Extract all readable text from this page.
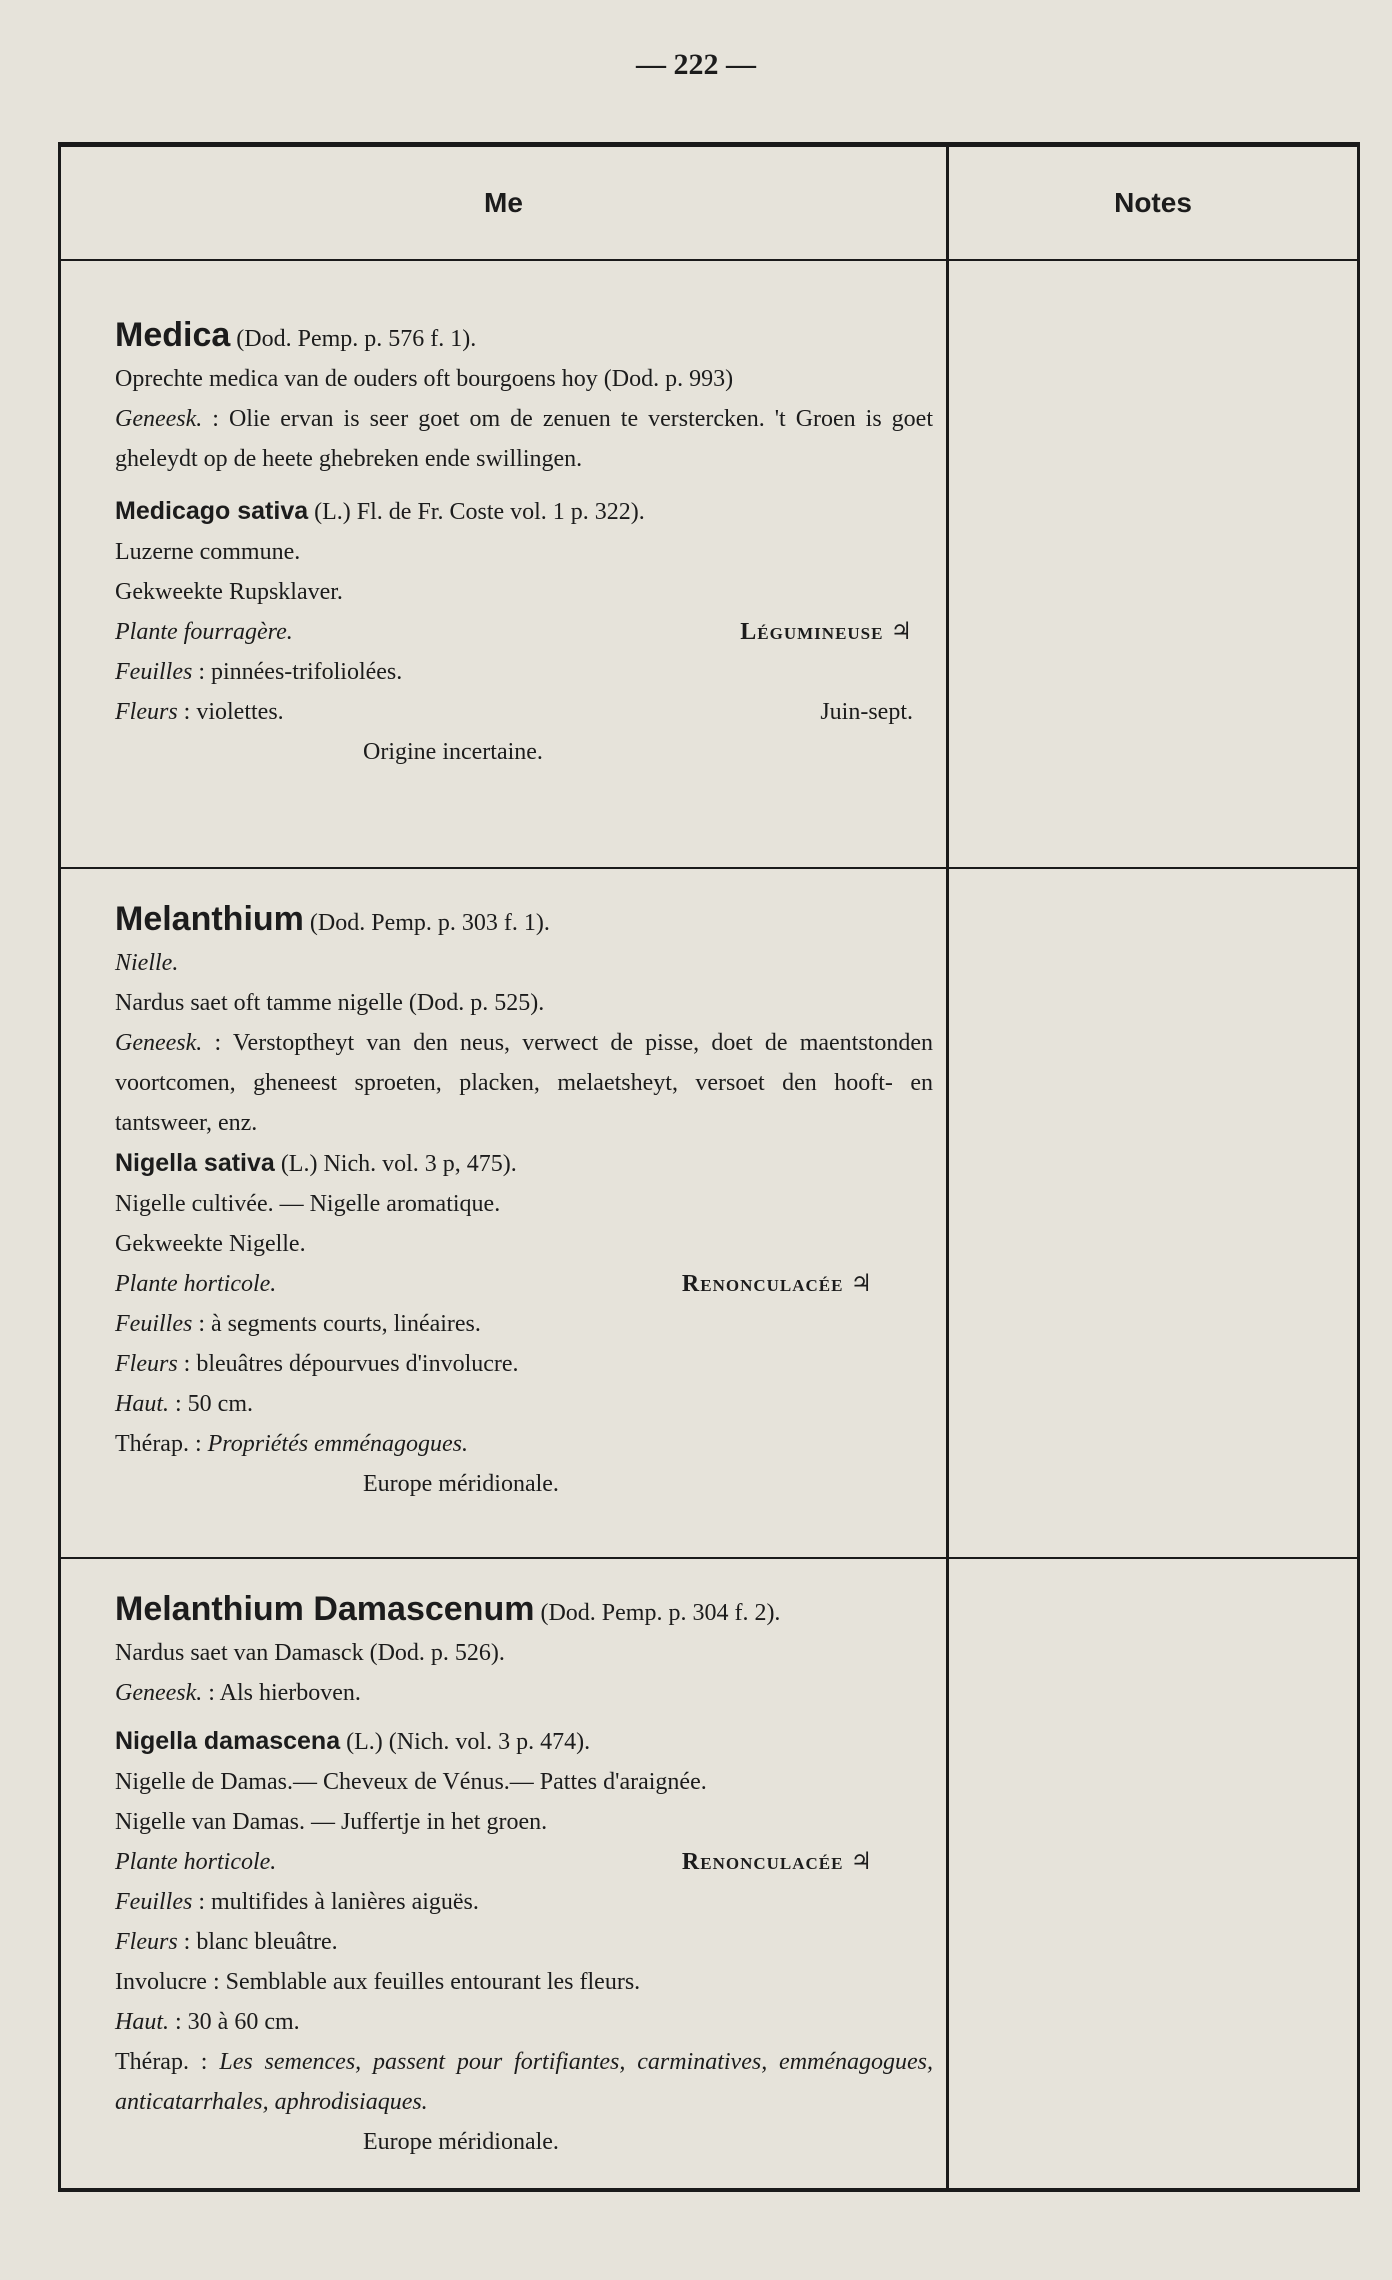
— 222 —
Me	Notes
Medica (Dod. Pemp. p. 576 f. 1).
Oprechte medica van de ouders oft bourgoens hoy (Dod. p. 993)
Geneesk. : Olie ervan is seer goet om de zenuen te verstercken. 't Groen is goet gheleydt op de heete ghebreken ende swillingen.
Medicago sativa (L.) Fl. de Fr. Coste vol. 1 p. 322).
Luzerne commune.
Gekweekte Rupsklaver.
Plante fourragère.	Légumineuse ♃
Feuilles : pinnées-trifoliolées.
Fleurs : violettes.	Juin-sept.
Origine incertaine.
Melanthium (Dod. Pemp. p. 303 f. 1).
Nielle.
Nardus saet oft tamme nigelle (Dod. p. 525).
Geneesk. : Verstoptheyt van den neus, verwect de pisse, doet de maentstonden voortcomen, gheneest sproeten, placken, melaetsheyt, versoet den hooft- en tantsweer, enz.
Nigella sativa (L.) Nich. vol. 3 p, 475).
Nigelle cultivée. — Nigelle aromatique.
Gekweekte Nigelle.
Plante horticole.	Renonculacée ♃
Feuilles : à segments courts, linéaires.
Fleurs : bleuâtres dépourvues d'involucre.
Haut. : 50 cm.
Thérap. : Propriétés emménagogues.
Europe méridionale.
Melanthium Damascenum (Dod. Pemp. p. 304 f. 2).
Nardus saet van Damasck (Dod. p. 526).
Geneesk. : Als hierboven.
Nigella damascena (L.) (Nich. vol. 3 p. 474).
Nigelle de Damas.— Cheveux de Vénus.— Pattes d'araignée.
Nigelle van Damas. — Juffertje in het groen.
Plante horticole.	Renonculacée ♃
Feuilles : multifides à lanières aiguës.
Fleurs : blanc bleuâtre.
Involucre : Semblable aux feuilles entourant les fleurs.
Haut. : 30 à 60 cm.
Thérap. : Les semences, passent pour fortifiantes, carminatives, emménagogues, anticatarrhales, aphrodisiaques.
Europe méridionale.
